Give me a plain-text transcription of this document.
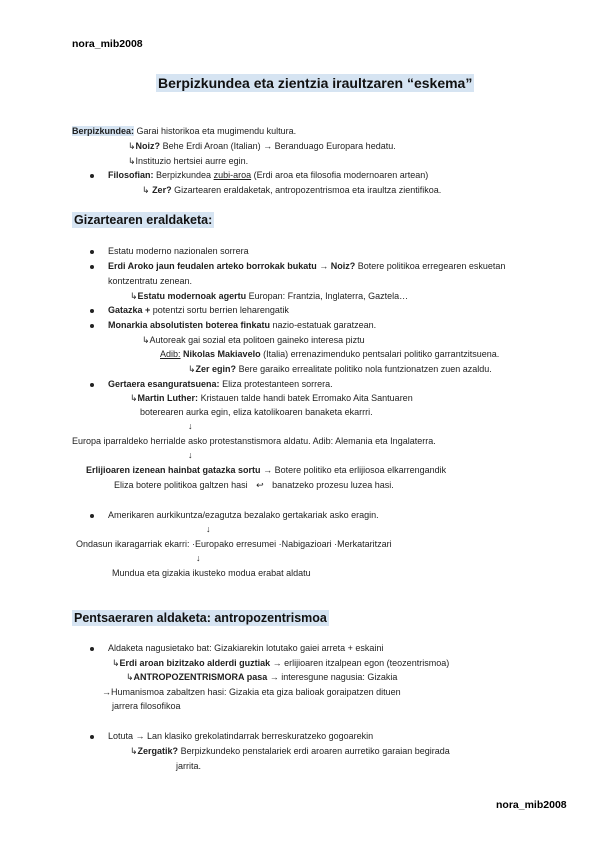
nora_mib2008
Berpizkundea eta zientzia iraultzaren “eskema”
Berpizkundea: Garai historikoa eta mugimendu kultura.
↳Noiz? Behe Erdi Aroan (Italian) → Beranduago Europara hedatu.
↳Instituzio hertsiei aurre egin.
Filosofian: Berpizkundea zubi-aroa (Erdi aroa eta filosofia modernoaren artean)
↳ Zer? Gizartearen eraldaketak, antropozentrismoa eta iraultza zientifikoa.
Gizartearen eraldaketa:
Estatu moderno nazionalen sorrera
Erdi Aroko jaun feudalen arteko borrokak bukatu → Noiz? Botere politikoa erregearen eskuetan
kontzentratu zenean.
↳Estatu modernoak agertu Europan: Frantzia, Inglaterra, Gaztela…
Gatazka + potentzi sortu berrien leharengatik
Monarkia absolutisten boterea finkatu nazio-estatuak garatzean.
↳Autoreak gai sozial eta politoen gaineko interesa piztu
Adib: Nikolas Makiavelo (Italia) errenazimenduko pentsalari politiko garrantzitsuena.
↳Zer egin? Bere garaiko errealitate politiko nola funtzionatzen zuen azaldu.
Gertaera esanguratsuena: Eliza protestanteen sorrera.
↳Martin Luther: Kristauen talde handi batek Erromako Aita Santuaren
boterearen aurka egin, eliza katolikoaren banaketa ekarrri.
↓
Europa iparraldeko herrialde asko protestanstismora aldatu. Adib: Alemania eta Ingalaterra.
↓
Erlijioaren izenean hainbat gatazka sortu → Botere politiko eta erlijiosoa elkarrengandik
Eliza botere politikoa galtzen hasi ↩ banatzeko prozesu luzea hasi.
Amerikaren aurkikuntza/ezagutza bezalako gertakariak asko eragin.
↓
Ondasun ikaragarriak ekarri: ·Europako erresumei ·Nabigazioari ·Merkataritzari
↓
Mundua eta gizakia ikusteko modua erabat aldatu
Pentsaeraren aldaketa: antropozentrismoa
Aldaketa nagusietako bat: Gizakiarekin lotutako gaiei arreta + eskaini
↳Erdi aroan bizitzako alderdi guztiak → erlijioaren itzalpean egon (teozentrismoa)
↳ANTROPOZENTRISMORA pasa → interesgune nagusia: Gizakia
→Humanismoa zabaltzen hasi: Gizakia eta giza balioak goraipatzen dituen
jarrera filosofikoa
Lotuta → Lan klasiko grekolatindarrak berreskuratzeko gogoarekin
↳Zergatik? Berpizkundeko penstalariek erdi aroaren aurretiko garaian begirada
jarrita.
nora_mib2008
